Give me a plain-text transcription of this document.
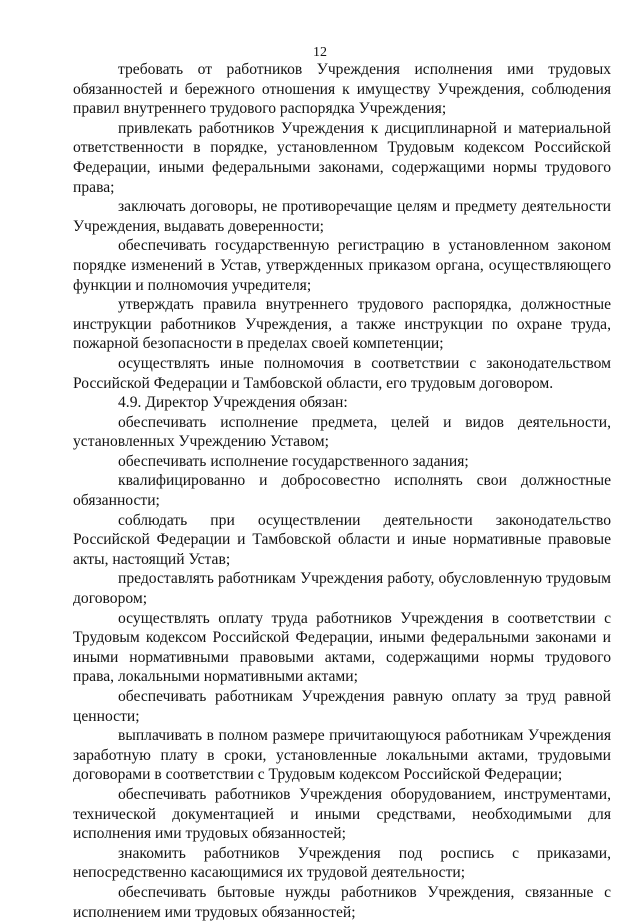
12

требовать от работников Учреждения исполнения ими трудовых обязанностей и бережного отношения к имуществу Учреждения, соблюдения правил внутреннего трудового распорядка Учреждения;

привлекать работников Учреждения к дисциплинарной и материальной ответственности в порядке, установленном Трудовым кодексом Российской Федерации, иными федеральными законами, содержащими нормы трудового права;

заключать договоры, не противоречащие целям и предмету деятельности Учреждения, выдавать доверенности;

обеспечивать государственную регистрацию в установленном законом порядке изменений в Устав, утвержденных приказом органа, осуществляющего функции и полномочия учредителя;

утверждать правила внутреннего трудового распорядка, должностные инструкции работников Учреждения, а также инструкции по охране труда, пожарной безопасности в пределах своей компетенции;

осуществлять иные полномочия в соответствии с законодательством Российской Федерации и Тамбовской области, его трудовым договором.

4.9. Директор Учреждения обязан:

обеспечивать исполнение предмета, целей и видов деятельности, установленных Учреждению Уставом;

обеспечивать исполнение государственного задания;

квалифицированно и добросовестно исполнять свои должностные обязанности;

соблюдать при осуществлении деятельности законодательство Российской Федерации и Тамбовской области и иные нормативные правовые акты, настоящий Устав;

предоставлять работникам Учреждения работу, обусловленную трудовым договором;

осуществлять оплату труда работников Учреждения в соответствии с Трудовым кодексом Российской Федерации, иными федеральными законами и иными нормативными правовыми актами, содержащими нормы трудового права, локальными нормативными актами;

обеспечивать работникам Учреждения равную оплату за труд равной ценности;

выплачивать в полном размере причитающуюся работникам Учреждения заработную плату в сроки, установленные локальными актами, трудовыми договорами в соответствии с Трудовым кодексом Российской Федерации;

обеспечивать работников Учреждения оборудованием, инструментами, технической документацией и иными средствами, необходимыми для исполнения ими трудовых обязанностей;

знакомить работников Учреждения под роспись с приказами, непосредственно касающимися их трудовой деятельности;

обеспечивать бытовые нужды работников Учреждения, связанные с исполнением ими трудовых обязанностей;
